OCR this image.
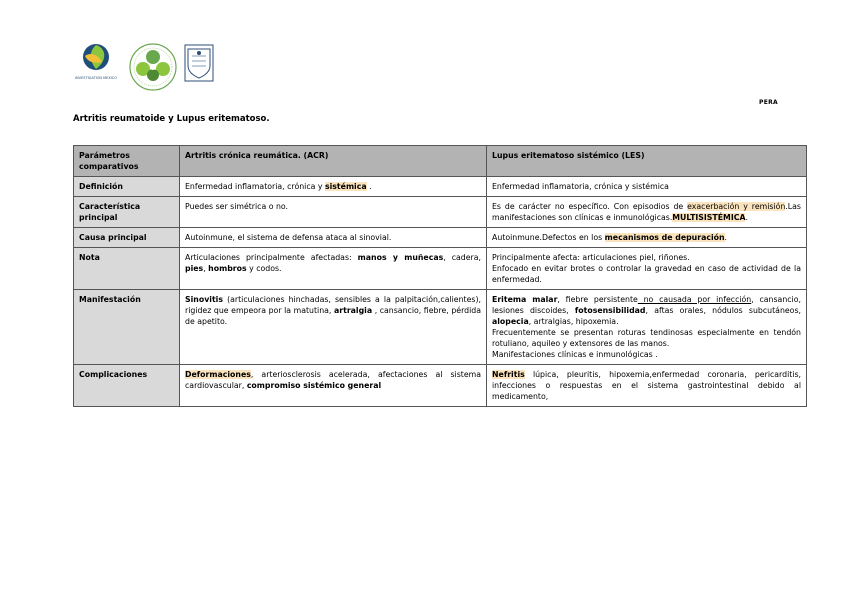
INVESTIGATION MEXICO
PERA
Artritis reumatoide y Lupus eritematoso.
Parámetros comparativos	Artritis crónica reumática. (ACR)	Lupus eritematoso sistémico (LES)
Definición	Enfermedad inflamatoria, crónica y sistémica .	Enfermedad inflamatoria, crónica y sistémica
Característica principal	Puedes ser simétrica o no.	Es de carácter no específico. Con episodios de exacerbación y remisión.Las manifestaciones son clínicas e inmunológicas.MULTISISTÉMICA.
Causa principal	Autoinmune, el sistema de defensa ataca al sinovial.	Autoinmune.Defectos en los mecanismos de depuración.
Nota	Articulaciones principalmente afectadas: manos y muñecas, cadera, pies, hombros y codos.	Principalmente afecta: articulaciones piel, riñones.
Enfocado en evitar brotes o controlar la gravedad en caso de actividad de la enfermedad.

Manifestación	Sinovitis (articulaciones hinchadas, sensibles a la palpitación,calientes), rigidez que empeora por la matutina, artralgia , cansancio, fiebre, pérdida de apetito.	Eritema malar, fiebre persistente no causada por infección, cansancio, lesiones discoides, fotosensibilidad, aftas orales, nódulos subcutáneos, alopecia, artralgias, hipoxemia.
Frecuentemente se presentan roturas tendinosas especialmente en tendón rotuliano, aquileo y extensores de las manos.
Manifestaciones clínicas e inmunológicas .

Complicaciones	Deformaciones, arteriosclerosis acelerada, afectaciones al sistema cardiovascular, compromiso sistémico general	Nefritis lúpica, pleuritis, hipoxemia,enfermedad coronaria, pericarditis, infecciones o respuestas en el sistema gastrointestinal debido al medicamento,
